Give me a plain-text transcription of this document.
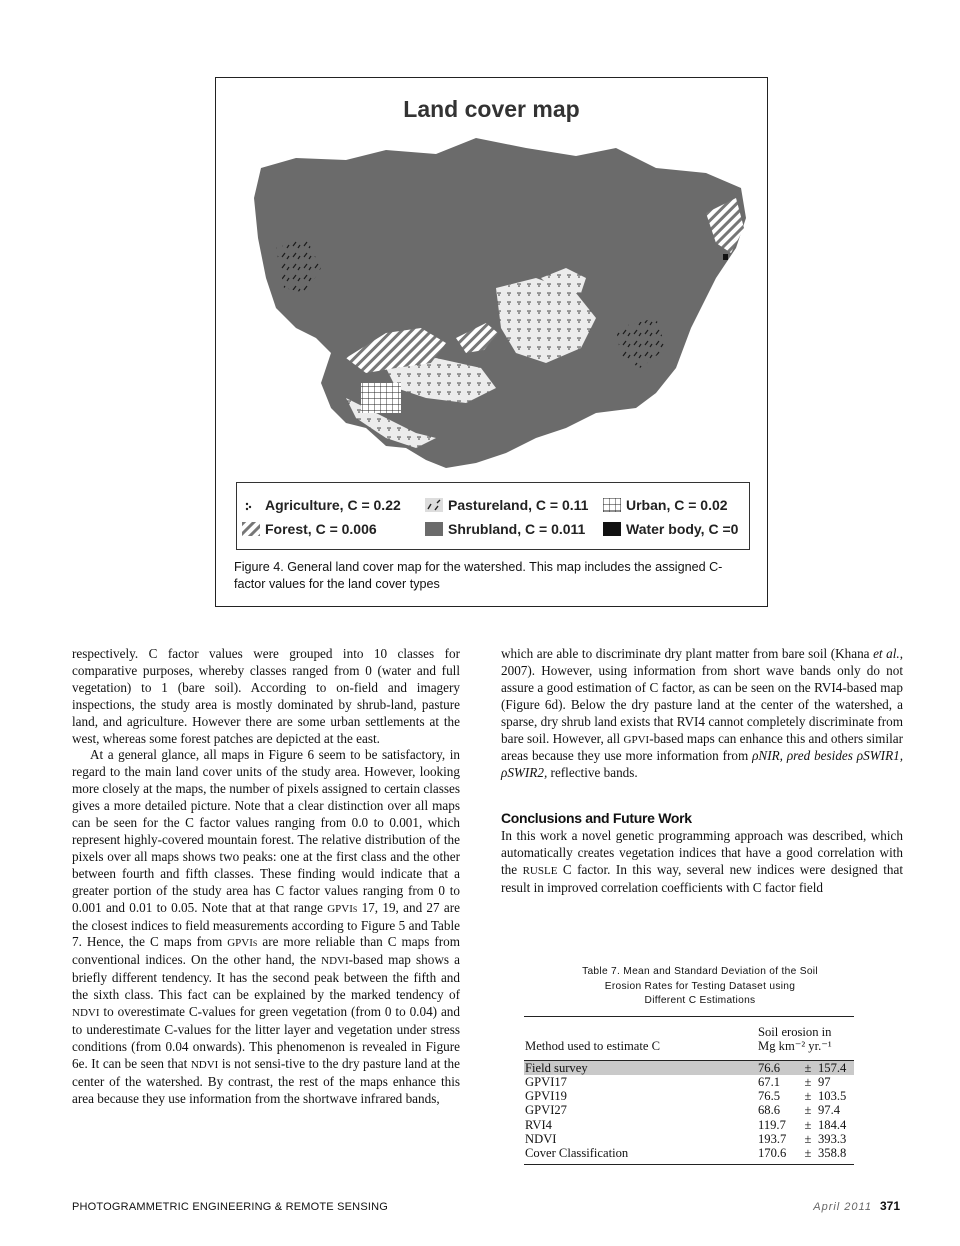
Land cover map
Agriculture, C = 0.22	Pastureland, C = 0.11	Urban, C = 0.02
Forest, C = 0.006	Shrubland, C = 0.011	Water body, C =0
Figure 4. General land cover map for the watershed. This map includes the assigned C-factor values for the land cover types

respectively. C factor values were grouped into 10 classes for comparative purposes, whereby classes ranged from 0 (water and full vegetation) to 1 (bare soil). According to on-field and imagery inspections, the study area is mostly dominated by shrub-land, pasture land, and agriculture. However there are some urban settlements at the west, whereas some forest patches are depicted at the east.

At a general glance, all maps in Figure 6 seem to be satisfactory, in regard to the main land cover units of the study area. However, looking more closely at the maps, the number of pixels assigned to certain classes gives a more detailed picture. Note that a clear distinction over all maps can be seen for the C factor values ranging from 0.0 to 0.001, which represent highly-covered mountain forest. The relative distribution of the pixels over all maps shows two peaks: one at the first class and the other between fourth and fifth classes. These finding would indicate that a greater portion of the study area has C factor values ranging from 0 to 0.001 and 0.01 to 0.05. Note that at that range GPVIs 17, 19, and 27 are the closest indices to field measurements according to Figure 5 and Table 7. Hence, the C maps from GPVIs are more reliable than C maps from conventional indices. On the other hand, the NDVI-based map shows a briefly different tendency. It has the second peak between the fifth and the sixth class. This fact can be explained by the marked tendency of NDVI to overestimate C-values for green vegetation (from 0 to 0.04) and to underestimate C-values for the litter layer and vegetation under stress conditions (from 0.04 onwards). This phenomenon is revealed in Figure 6e. It can be seen that NDVI is not sensi-tive to the dry pasture land at the center of the watershed. By contrast, the rest of the maps enhance this area because they use information from the shortwave infrared bands,

which are able to discriminate dry plant matter from bare soil (Khana et al., 2007). However, using information from short wave bands only do not assure a good estimation of C factor, as can be seen on the RVI4-based map (Figure 6d). Below the dry pasture land at the center of the watershed, a sparse, dry shrub land exists that RVI4 cannot completely discriminate from bare soil. However, all GPVI-based maps can enhance this and others similar areas because they use more information from ρNIR, ρred besides ρSWIR1, ρSWIR2, reflective bands.

Conclusions and Future Work

In this work a novel genetic programming approach was described, which automatically creates vegetation indices that have a good correlation with the RUSLE C factor. In this way, several new indices were designed that result in improved correlation coefficients with C factor field

Table 7. Mean and Standard Deviation of the Soil
Erosion Rates for Testing Dataset using
Different C Estimations
Method used to estimate C	Soil erosion in
Mg km⁻² yr.⁻¹		

Field survey	76.6	±	157.4
GPVI17	67.1	±	97
GPVI19	76.5	±	103.5
GPVI27	68.6	±	97.4
RVI4	119.7	±	184.4
NDVI	193.7	±	393.3
Cover Classification	170.6	±	358.8
PHOTOGRAMMETRIC ENGINEERING & REMOTE SENSING	April 2011 371
